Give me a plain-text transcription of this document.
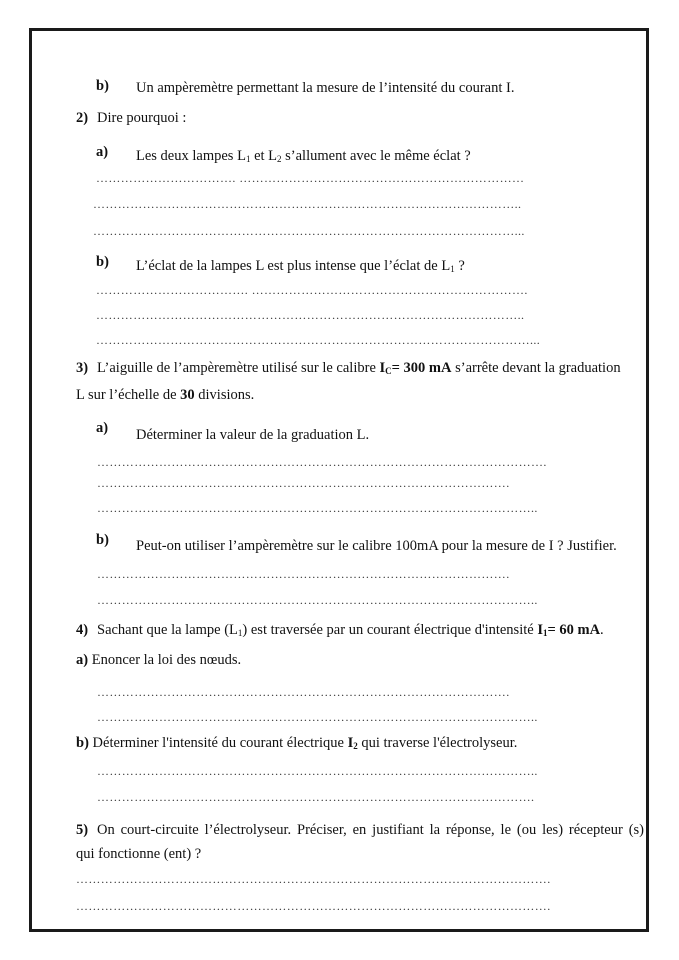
b) Un ampèremètre permettant la mesure de l’intensité du courant I.
2) Dire pourquoi :
a) Les deux lampes $L_1$ et $L_2$ s’allument avec le même éclat ?
……………………………. ……………………………………………………………
…………………………………………………………………………………………..
…………………………………………………………………………………………...
b) L’éclat de la lampes L est plus intense que l’éclat de $L_1$ ?
………………………………. ………………………………………………………….
…………………………………………………………………………………………..
……………………………………………………………………………………………...
3) L’aiguille de l’ampèremètre utilisé sur le calibre $I_C= 300$ mA s’arrête devant la graduation
L sur l’échelle de 30 divisions.
a) Déterminer la valeur de la graduation L.
……………………………………………………………………………………………….
……………………………………………………………………………………….
……………………………………………………………………………………………..
b) Peut-on utiliser l’ampèremètre sur le calibre 100mA pour la mesure de I ? Justifier.
……………………………………………………………………………………….
……………………………………………………………………………………………..
4) Sachant que la lampe $(L_1)$ est traversée par un courant électrique d'intensité $I_1= 60$ mA.
a) Enoncer la loi des nœuds.
……………………………………………………………………………………….
……………………………………………………………………………………………..
b) Déterminer l'intensité du courant électrique $I_2$ qui traverse l'électrolyseur.
……………………………………………………………………………………………..
…………………………………………………………………………………………….
5) On court-circuite l’électrolyseur. Préciser, en justifiant la réponse, le (ou les) récepteur (s)
qui fonctionne (ent) ?
…………………………………………………………………………………………………….
…………………………………………………………………………………………………….
